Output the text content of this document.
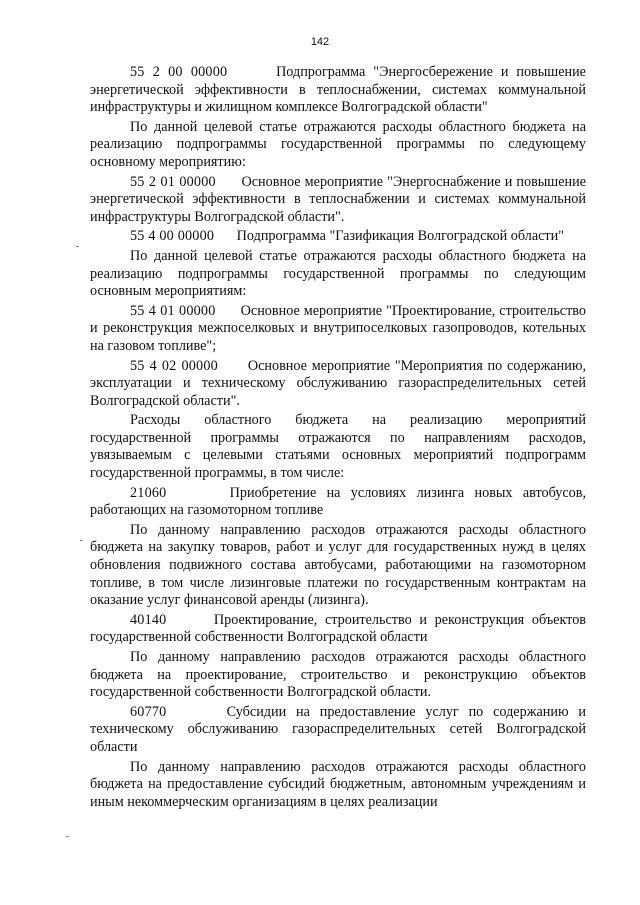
142

55 2 00 00000	Подпрограмма "Энергосбережение и повышение энергетической эффективности в теплоснабжении, системах коммунальной инфраструктуры и жилищном комплексе Волгоградской области"

По данной целевой статье отражаются расходы областного бюджета на реализацию подпрограммы государственной программы по следующему основному мероприятию:

55 2 01 00000 Основное мероприятие "Энергоснабжение и повышение энергетической эффективности в теплоснабжении и системах коммунальной инфраструктуры Волгоградской области".

55 4 00 00000 Подпрограмма "Газификация Волгоградской области"

По данной целевой статье отражаются расходы областного бюджета на реализацию подпрограммы государственной программы по следующим основным мероприятиям:

55 4 01 00000 Основное мероприятие "Проектирование, строительство и реконструкция межпоселковых и внутрипоселковых газопроводов, котельных на газовом топливе";

55 4 02 00000 Основное мероприятие "Мероприятия по содержанию, эксплуатации и техническому обслуживанию газораспределительных сетей Волгоградской области".

Расходы областного бюджета на реализацию мероприятий государственной программы отражаются по направлениям расходов, увязываемым с целевыми статьями основных мероприятий подпрограмм государственной программы, в том числе:

21060	Приобретение на условиях лизинга новых автобусов, работающих на газомоторном топливе

По данному направлению расходов отражаются расходы областного бюджета на закупку товаров, работ и услуг для государственных нужд в целях обновления подвижного состава автобусами, работающими на газомоторном топливе, в том числе лизинговые платежи по государственным контрактам на оказание услуг финансовой аренды (лизинга).

40140	Проектирование, строительство и реконструкция объектов государственной собственности Волгоградской области

По данному направлению расходов отражаются расходы областного бюджета на проектирование, строительство и реконструкцию объектов государственной собственности Волгоградской области.

60770	Субсидии на предоставление услуг по содержанию и техническому обслуживанию газораспределительных сетей Волгоградской области

По данному направлению расходов отражаются расходы областного бюджета на предоставление субсидий бюджетным, автономным учреждениям и иным некоммерческим организациям в целях реализации
